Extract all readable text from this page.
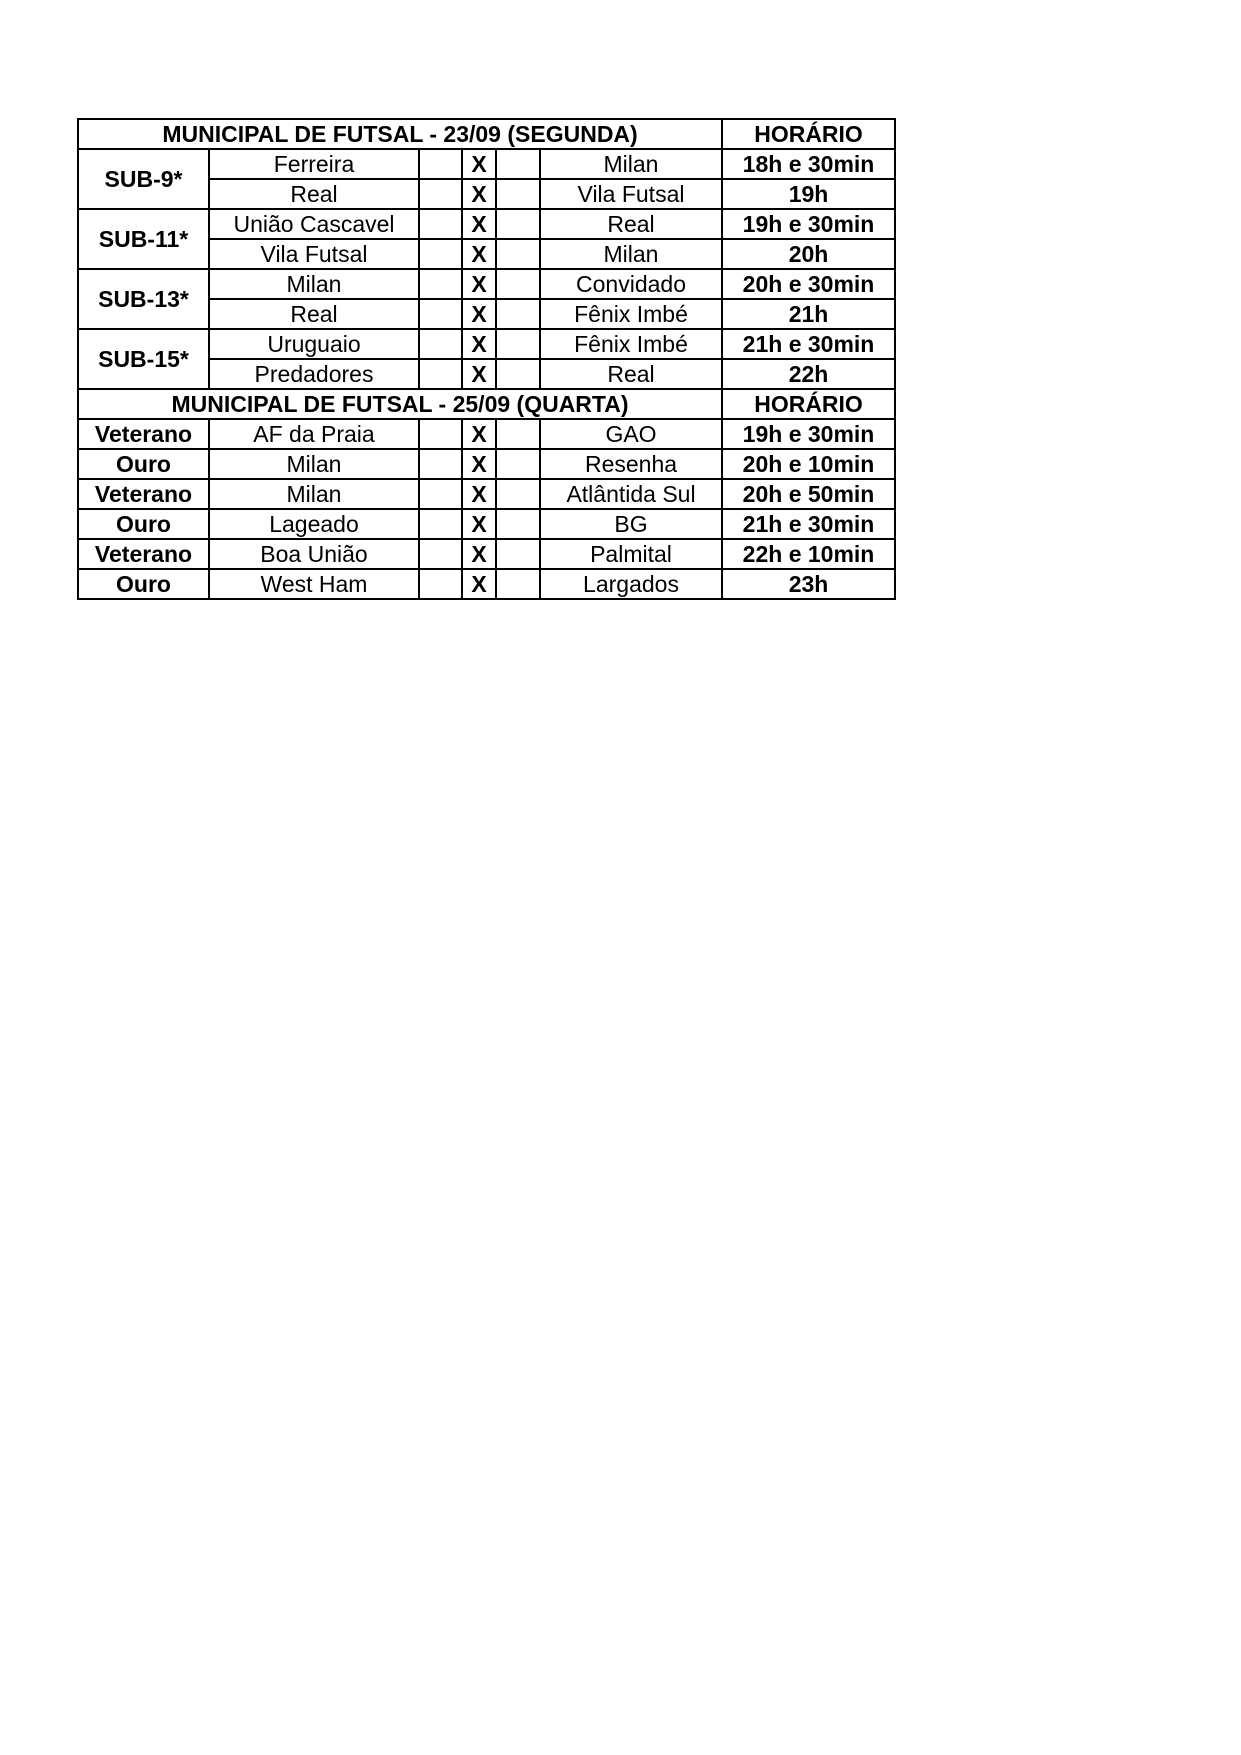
MUNICIPAL DE FUTSAL - 23/09 (SEGUNDA)						HORÁRIO
SUB-9*	Ferreira		X		Milan	18h e 30min
	Real		X		Vila Futsal	19h
SUB-11*	União Cascavel		X		Real	19h e 30min
	Vila Futsal		X		Milan	20h
SUB-13*	Milan		X		Convidado	20h e 30min
	Real		X		Fênix Imbé	21h
SUB-15*	Uruguaio		X		Fênix Imbé	21h e 30min
	Predadores		X		Real	22h
MUNICIPAL DE FUTSAL - 25/09 (QUARTA)						HORÁRIO
Veterano	AF da Praia		X		GAO	19h e 30min
Ouro	Milan		X		Resenha	20h e 10min
Veterano	Milan		X		Atlântida Sul	20h e 50min
Ouro	Lageado		X		BG	21h e 30min
Veterano	Boa União		X		Palmital	22h e 10min
Ouro	West Ham		X		Largados	23h
